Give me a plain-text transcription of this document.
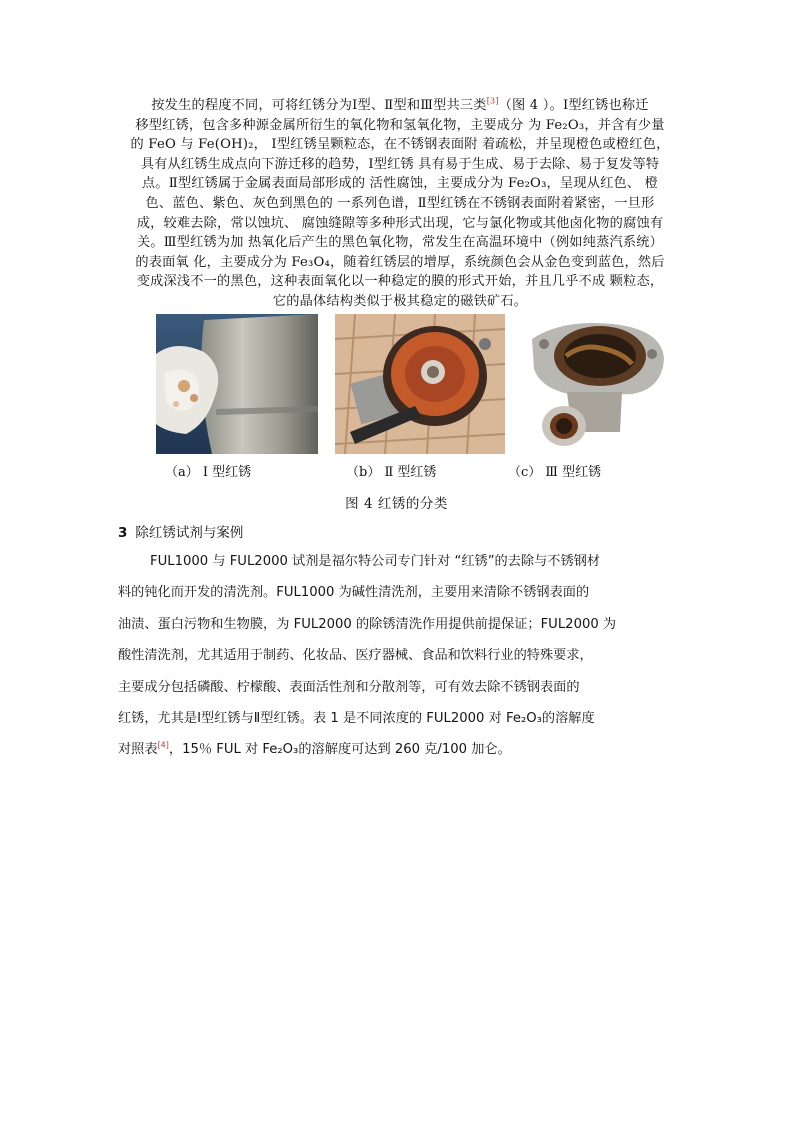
按发生的程度不同，可将红锈分为Ⅰ型、Ⅱ型和Ⅲ型共三类[3]（图 4 ）。Ⅰ型红锈也称迁
移型红锈，包含多种源金属所衍生的氧化物和氢氧化物，主要成分 为 Fe₂O₃，并含有少量
的 FeO 与 Fe(OH)₂， Ⅰ型红锈呈颗粒态，在不锈钢表面附 着疏松，并呈现橙色或橙红色，
具有从红锈生成点向下游迁移的趋势，Ⅰ型红锈 具有易于生成、易于去除、易于复发等特
点。Ⅱ型红锈属于金属表面局部形成的 活性腐蚀，主要成分为 Fe₂O₃，呈现从红色、 橙
色、蓝色、紫色、灰色到黑色的 一系列色谱，Ⅱ型红锈在不锈钢表面附着紧密，一旦形
成，较难去除，常以蚀坑、 腐蚀缝隙等多种形式出现，它与氯化物或其他卤化物的腐蚀有
关。Ⅲ型红锈为加 热氧化后产生的黑色氧化物，常发生在高温环境中（例如纯蒸汽系统）
的表面氧 化，主要成分为 Fe₃O₄，随着红锈层的增厚，系统颜色会从金色变到蓝色，然后
变成深浅不一的黑色，这种表面氧化以一种稳定的膜的形式开始，并且几乎不成 颗粒态，
它的晶体结构类似于极其稳定的磁铁矿石。
（a） Ⅰ 型红锈	（b） Ⅱ 型红锈	（c） Ⅲ 型红锈
图 4 红锈的分类
3 除红锈试剂与案例
FUL1000 与 FUL2000 试剂是福尔特公司专门针对 “红锈”的去除与不锈钢材
料的钝化而开发的清洗剂。FUL1000 为碱性清洗剂，主要用来清除不锈钢表面的
油渍、蛋白污物和生物膜，为 FUL2000 的除锈清洗作用提供前提保证；FUL2000 为
酸性清洗剂，尤其适用于制药、化妆品、医疗器械、食品和饮料行业的特殊要求，
主要成分包括磷酸、柠檬酸、表面活性剂和分散剂等，可有效去除不锈钢表面的
红锈，尤其是Ⅰ型红锈与Ⅱ型红锈。表 1 是不同浓度的 FUL2000 对 Fe₂O₃的溶解度
对照表[4]，15％ FUL 对 Fe₂O₃的溶解度可达到 260 克/100 加仑。
